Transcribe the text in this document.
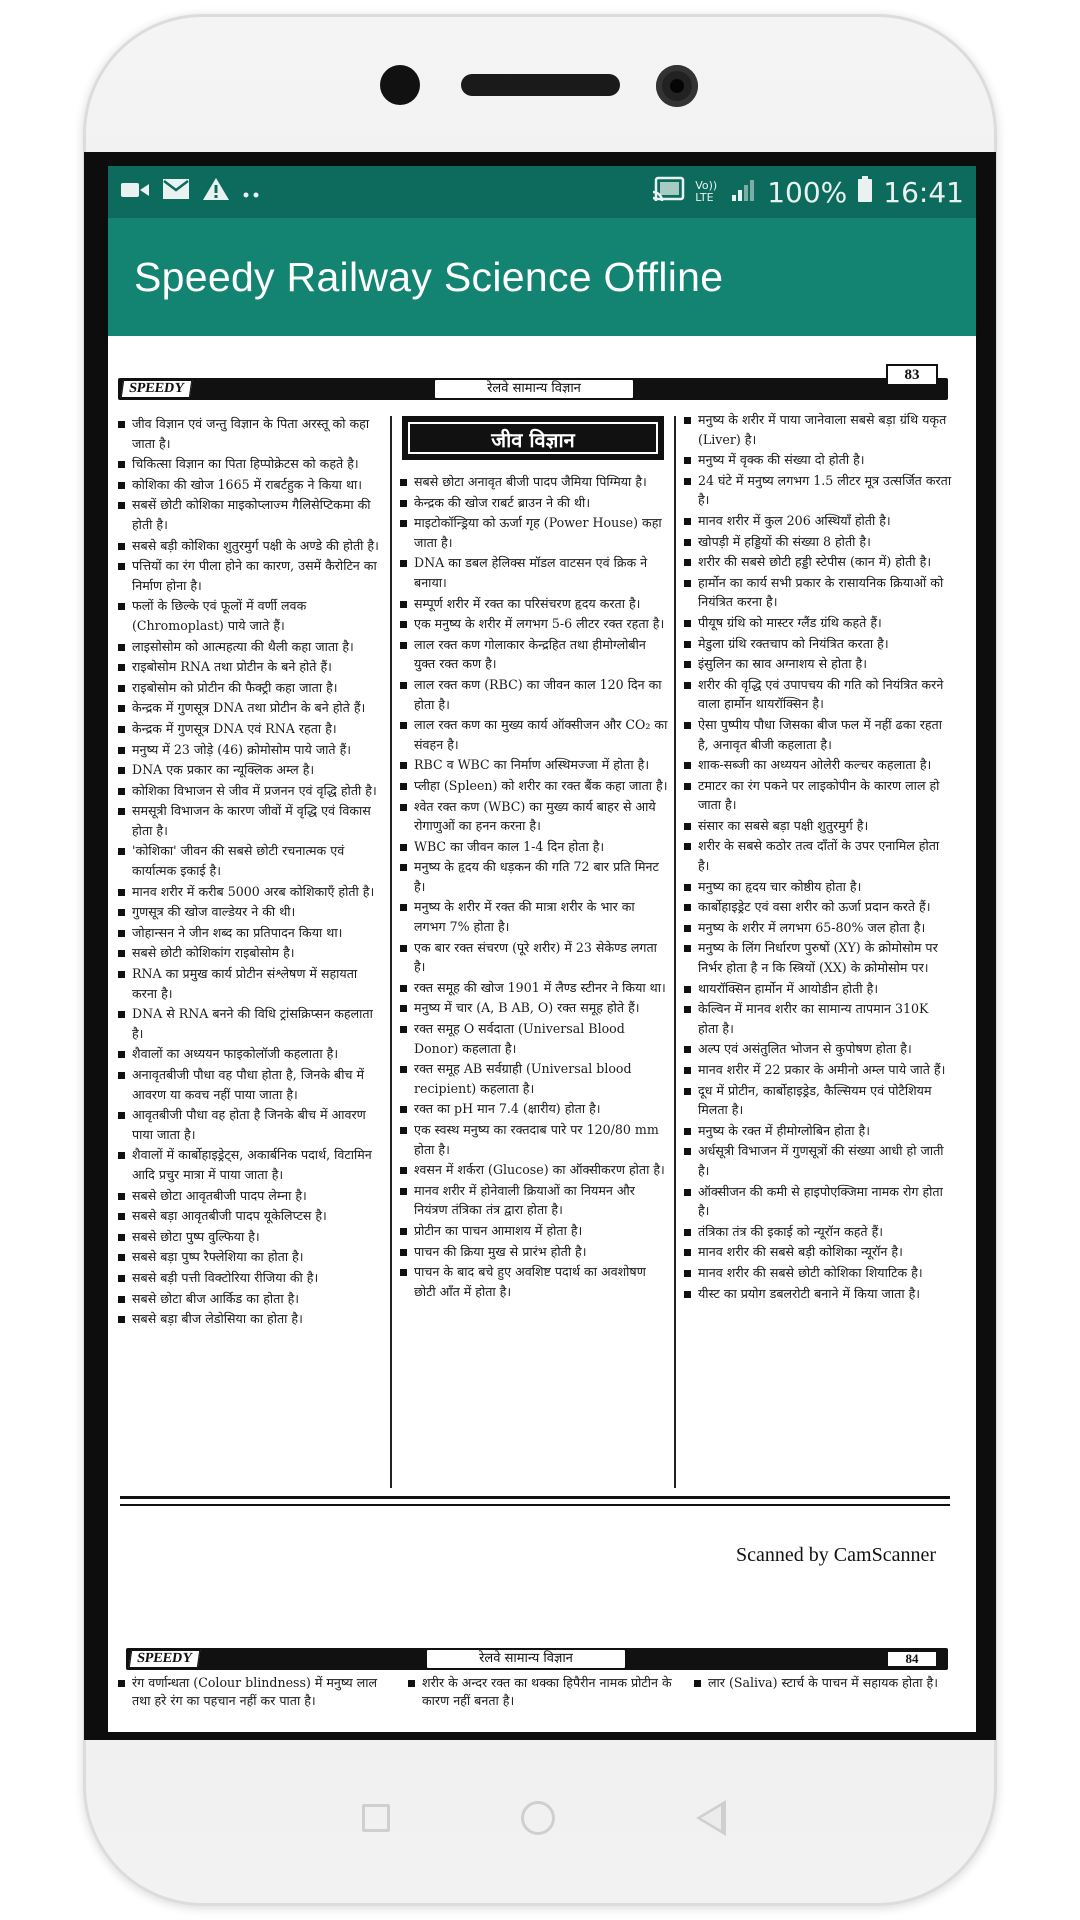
Vo)) LTE 100% 16:41
Speedy Railway Science Offline
SPEEDY	रेलवे सामान्य विज्ञान
83
जीव विज्ञान एवं जन्तु विज्ञान के पिता अरस्तू को कहा जाता है।
चिकित्सा विज्ञान का पिता हिप्पोक्रेटस को कहते है।
कोशिका की खोज 1665 में राबर्टहुक ने किया था।
सबसें छोटी कोशिका माइकोप्लाज्म गैलिसेप्टिकमा की होती है।
सबसे बड़ी कोशिका शुतुरमुर्ग पक्षी के अण्डे की होती है।
पत्तियों का रंग पीला होने का कारण, उसमें कैरोटिन का निर्माण होना है।
फलों के छिल्के एवं फूलों में वर्णी लवक (Chromoplast) पाये जाते हैं।
लाइसोसोम को आत्महत्या की थैली कहा जाता है।
राइबोसोम RNA तथा प्रोटीन के बने होते हैं।
राइबोसोम को प्रोटीन की फैक्ट्री कहा जाता है।
केन्द्रक में गुणसूत्र DNA तथा प्रोटीन के बने होते हैं।
केन्द्रक में गुणसूत्र DNA एवं RNA रहता है।
मनुष्य में 23 जोड़े (46) क्रोमोसोम पाये जाते हैं।
DNA एक प्रकार का न्यूक्लिक अम्ल है।
कोशिका विभाजन से जीव में प्रजनन एवं वृद्धि होती है।
समसूत्री विभाजन के कारण जीवों में वृद्धि एवं विकास होता है।
'कोशिका' जीवन की सबसे छोटी रचनात्मक एवं कार्यात्मक इकाई है।
मानव शरीर में करीब 5000 अरब कोशिकाएँ होती है।
गुणसूत्र की खोज वाल्डेयर ने की थी।
जोहान्सन ने जीन शब्द का प्रतिपादन किया था।
सबसे छोटी कोशिकांग राइबोसोम है।
RNA का प्रमुख कार्य प्रोटीन संश्लेषण में सहायता करना है।
DNA से RNA बनने की विधि ट्रांसक्रिप्सन कहलाता है।
शैवालों का अध्ययन फाइकोलॉजी कहलाता है।
अनावृतबीजी पौधा वह पौधा होता है, जिनके बीच में आवरण या कवच नहीं पाया जाता है।
आवृतबीजी पौधा वह होता है जिनके बीच में आवरण पाया जाता है।
शैवालों में कार्बोहाइड्रेट्स, अकार्बनिक पदार्थ, विटामिन आदि प्रचुर मात्रा में पाया जाता है।
सबसे छोटा आवृतबीजी पादप लेम्ना है।
सबसे बड़ा आवृतबीजी पादप यूकेलिप्टस है।
सबसे छोटा पुष्प वुल्फिया है।
सबसे बड़ा पुष्प रैफ्लेशिया का होता है।
सबसे बड़ी पत्ती विक्टोरिया रीजिया की है।
सबसे छोटा बीज आर्किड का होता है।
सबसे बड़ा बीज लेडोसिया का होता है।
जीव विज्ञान
सबसे छोटा अनावृत बीजी पादप जैमिया पिग्मिया है।
केन्द्रक की खोज राबर्ट ब्राउन ने की थी।
माइटोकॉन्ड्रिया को ऊर्जा गृह (Power House) कहा जाता है।
DNA का डबल हेलिक्स मॉडल वाटसन एवं क्रिक ने बनाया।
सम्पूर्ण शरीर में रक्त का परिसंचरण हृदय करता है।
एक मनुष्य के शरीर में लगभग 5-6 लीटर रक्त रहता है।
लाल रक्त कण गोलाकार केन्द्रहित तथा हीमोग्लोबीन युक्त रक्त कण है।
लाल रक्त कण (RBC) का जीवन काल 120 दिन का होता है।
लाल रक्त कण का मुख्य कार्य ऑक्सीजन और CO₂ का संवहन है।
RBC व WBC का निर्माण अस्थिमज्जा में होता है।
प्लीहा (Spleen) को शरीर का रक्त बैंक कहा जाता है।
श्वेत रक्त कण (WBC) का मुख्य कार्य बाहर से आये रोगाणुओं का हनन करना है।
WBC का जीवन काल 1-4 दिन होता है।
मनुष्य के हृदय की धड़कन की गति 72 बार प्रति मिनट है।
मनुष्य के शरीर में रक्त की मात्रा शरीर के भार का लगभग 7% होता है।
एक बार रक्त संचरण (पूरे शरीर) में 23 सेकेण्ड लगता है।
रक्त समूह की खोज 1901 में लैण्ड स्टीनर ने किया था।
मनुष्य में चार (A, B AB, O) रक्त समूह होते हैं।
रक्त समूह O सर्वदाता (Universal Blood Donor) कहलाता है।
रक्त समूह AB सर्वग्राही (Universal blood recipient) कहलाता है।
रक्त का pH मान 7.4 (क्षारीय) होता है।
एक स्वस्थ मनुष्य का रक्तदाब पारे पर 120/80 mm होता है।
श्वसन में शर्करा (Glucose) का ऑक्सीकरण होता है।
मानव शरीर में होनेवाली क्रियाओं का नियमन और नियंत्रण तंत्रिका तंत्र द्वारा होता है।
प्रोटीन का पाचन आमाशय में होता है।
पाचन की क्रिया मुख से प्रारंभ होती है।
पाचन के बाद बचे हुए अवशिष्ट पदार्थ का अवशोषण छोटी आँत में होता है।
मनुष्य के शरीर में पाया जानेवाला सबसे बड़ा ग्रंथि यकृत (Liver) है।
मनुष्य में वृक्क की संख्या दो होती है।
24 घंटे में मनुष्य लगभग 1.5 लीटर मूत्र उत्सर्जित करता है।
मानव शरीर में कुल 206 अस्थियाँ होती है।
खोपड़ी में हड्डियों की संख्या 8 होती है।
शरीर की सबसे छोटी हड्डी स्टेपीस (कान में) होती है।
हार्मोन का कार्य सभी प्रकार के रासायनिक क्रियाओं को नियंत्रित करना है।
पीयूष ग्रंथि को मास्टर ग्लैंड ग्रंथि कहते हैं।
मेडुला ग्रंथि रक्तचाप को नियंत्रित करता है।
इंसुलिन का स्राव अग्नाशय से होता है।
शरीर की वृद्धि एवं उपापचय की गति को नियंत्रित करने वाला हार्मोन थायरॉक्सिन है।
ऐसा पुष्पीय पौधा जिसका बीज फल में नहीं ढका रहता है, अनावृत बीजी कहलाता है।
शाक-सब्जी का अध्ययन ओलेरी कल्चर कहलाता है।
टमाटर का रंग पकने पर लाइकोपीन के कारण लाल हो जाता है।
संसार का सबसे बड़ा पक्षी शुतुरमुर्ग है।
शरीर के सबसे कठोर तत्व दाँतों के उपर एनामिल होता है।
मनुष्य का हृदय चार कोष्ठीय होता है।
कार्बोहाइड्रेट एवं वसा शरीर को ऊर्जा प्रदान करते हैं।
मनुष्य के शरीर में लगभग 65-80% जल होता है।
मनुष्य के लिंग निर्धारण पुरुषों (XY) के क्रोमोसोम पर निर्भर होता है न कि स्त्रियों (XX) के क्रोमोसोम पर।
थायरॉक्सिन हार्मोन में आयोडीन होती है।
केल्विन में मानव शरीर का सामान्य तापमान 310K होता है।
अल्प एवं असंतुलित भोजन से कुपोषण होता है।
मानव शरीर में 22 प्रकार के अमीनो अम्ल पाये जाते हैं।
दूध में प्रोटीन, कार्बोहाइड्रेड, कैल्सियम एवं पोटैशियम मिलता है।
मनुष्य के रक्त में हीमोग्लोबिन होता है।
अर्धसूत्री विभाजन में गुणसूत्रों की संख्या आधी हो जाती है।
ऑक्सीजन की कमी से हाइपोएक्जिमा नामक रोग होता है।
तंत्रिका तंत्र की इकाई को न्यूरॉन कहते हैं।
मानव शरीर की सबसे बड़ी कोशिका न्यूरॉन है।
मानव शरीर की सबसे छोटी कोशिका शियाटिक है।
यीस्ट का प्रयोग डबलरोटी बनाने में किया जाता है।
Scanned by CamScanner
SPEEDY	रेलवे सामान्य विज्ञान	84
रंग वर्णान्धता (Colour blindness) में मनुष्य लाल तथा हरे रंग का पहचान नहीं कर पाता है।
शरीर के अन्दर रक्त का थक्का हिपैरीन नामक प्रोटीन के कारण नहीं बनता है।
लार (Saliva) स्टार्च के पाचन में सहायक होता है।
